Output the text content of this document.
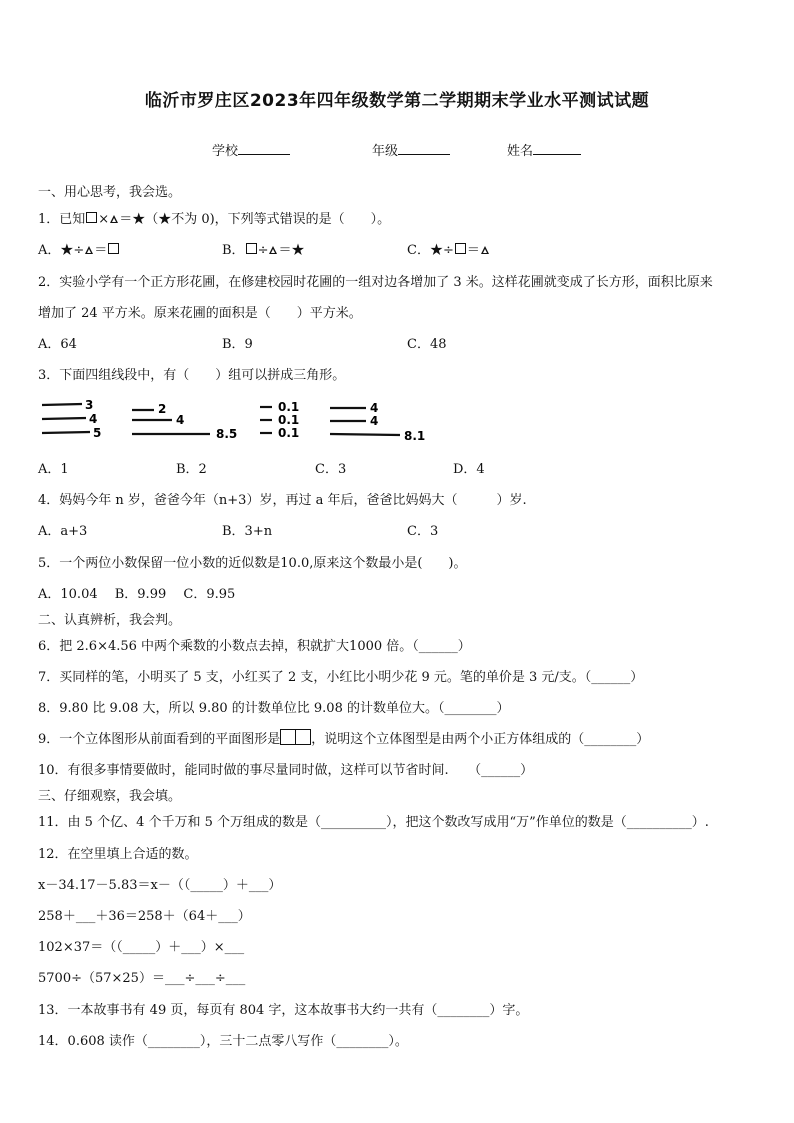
临沂市罗庄区2023年四年级数学第二学期期末学业水平测试试题
学校	年级	姓名
一、用心思考，我会选。
1．已知 × ＝★（★不为 0)，下列等式错误的是（　　）。
A．★÷ ＝	B． ÷ ＝★	C．★÷ ＝
2．实验小学有一个正方形花圃，在修建校园时花圃的一组对边各增加了 3 米。这样花圃就变成了长方形，面积比原来
增加了 24 平方米。原来花圃的面积是（　　）平方米。
A．64	B．9	C．48
3．下面四组线段中，有（　　）组可以拼成三角形。
3
4
5
2
4
8.5
0.1
0.1
0.1
4
4
8.1
A．1	B．2	C．3	D．4
4．妈妈今年 n 岁，爸爸今年（n+3）岁，再过 a 年后，爸爸比妈妈大（　　　）岁.
A．a+3	B．3+n	C．3
5．一个两位小数保留一位小数的近似数是10.0,原来这个数最小是(　　)。
A．10.04　 B．9.99　 C．9.95
二、认真辨析，我会判。
6．把 2.6×4.56 中两个乘数的小数点去掉，积就扩大1000 倍。（______）
7．买同样的笔，小明买了 5 支，小红买了 2 支，小红比小明少花 9 元。笔的单价是 3 元/支。（______）
8．9.80 比 9.08 大，所以 9.80 的计数单位比 9.08 的计数单位大。（________）
9．一个立体图形从前面看到的平面图形是 ，说明这个立体图型是由两个小正方体组成的（________）
10．有很多事情要做时，能同时做的事尽量同时做，这样可以节省时间.　　（______）
三、仔细观察，我会填。
11．由 5 个亿、4 个千万和 5 个万组成的数是（__________），把这个数改写成用“万”作单位的数是（__________）.
12．在空里填上合适的数。
x－34.17－5.83＝x－（（_____）＋___）
258＋___＋36＝258＋（64＋___）
102×37＝（（_____）＋___）×___
5700÷（57×25）＝___÷___÷___
13．一本故事书有 49 页，每页有 804 字，这本故事书大约一共有（________）字。
14．0.608 读作（________），三十二点零八写作（________）。
